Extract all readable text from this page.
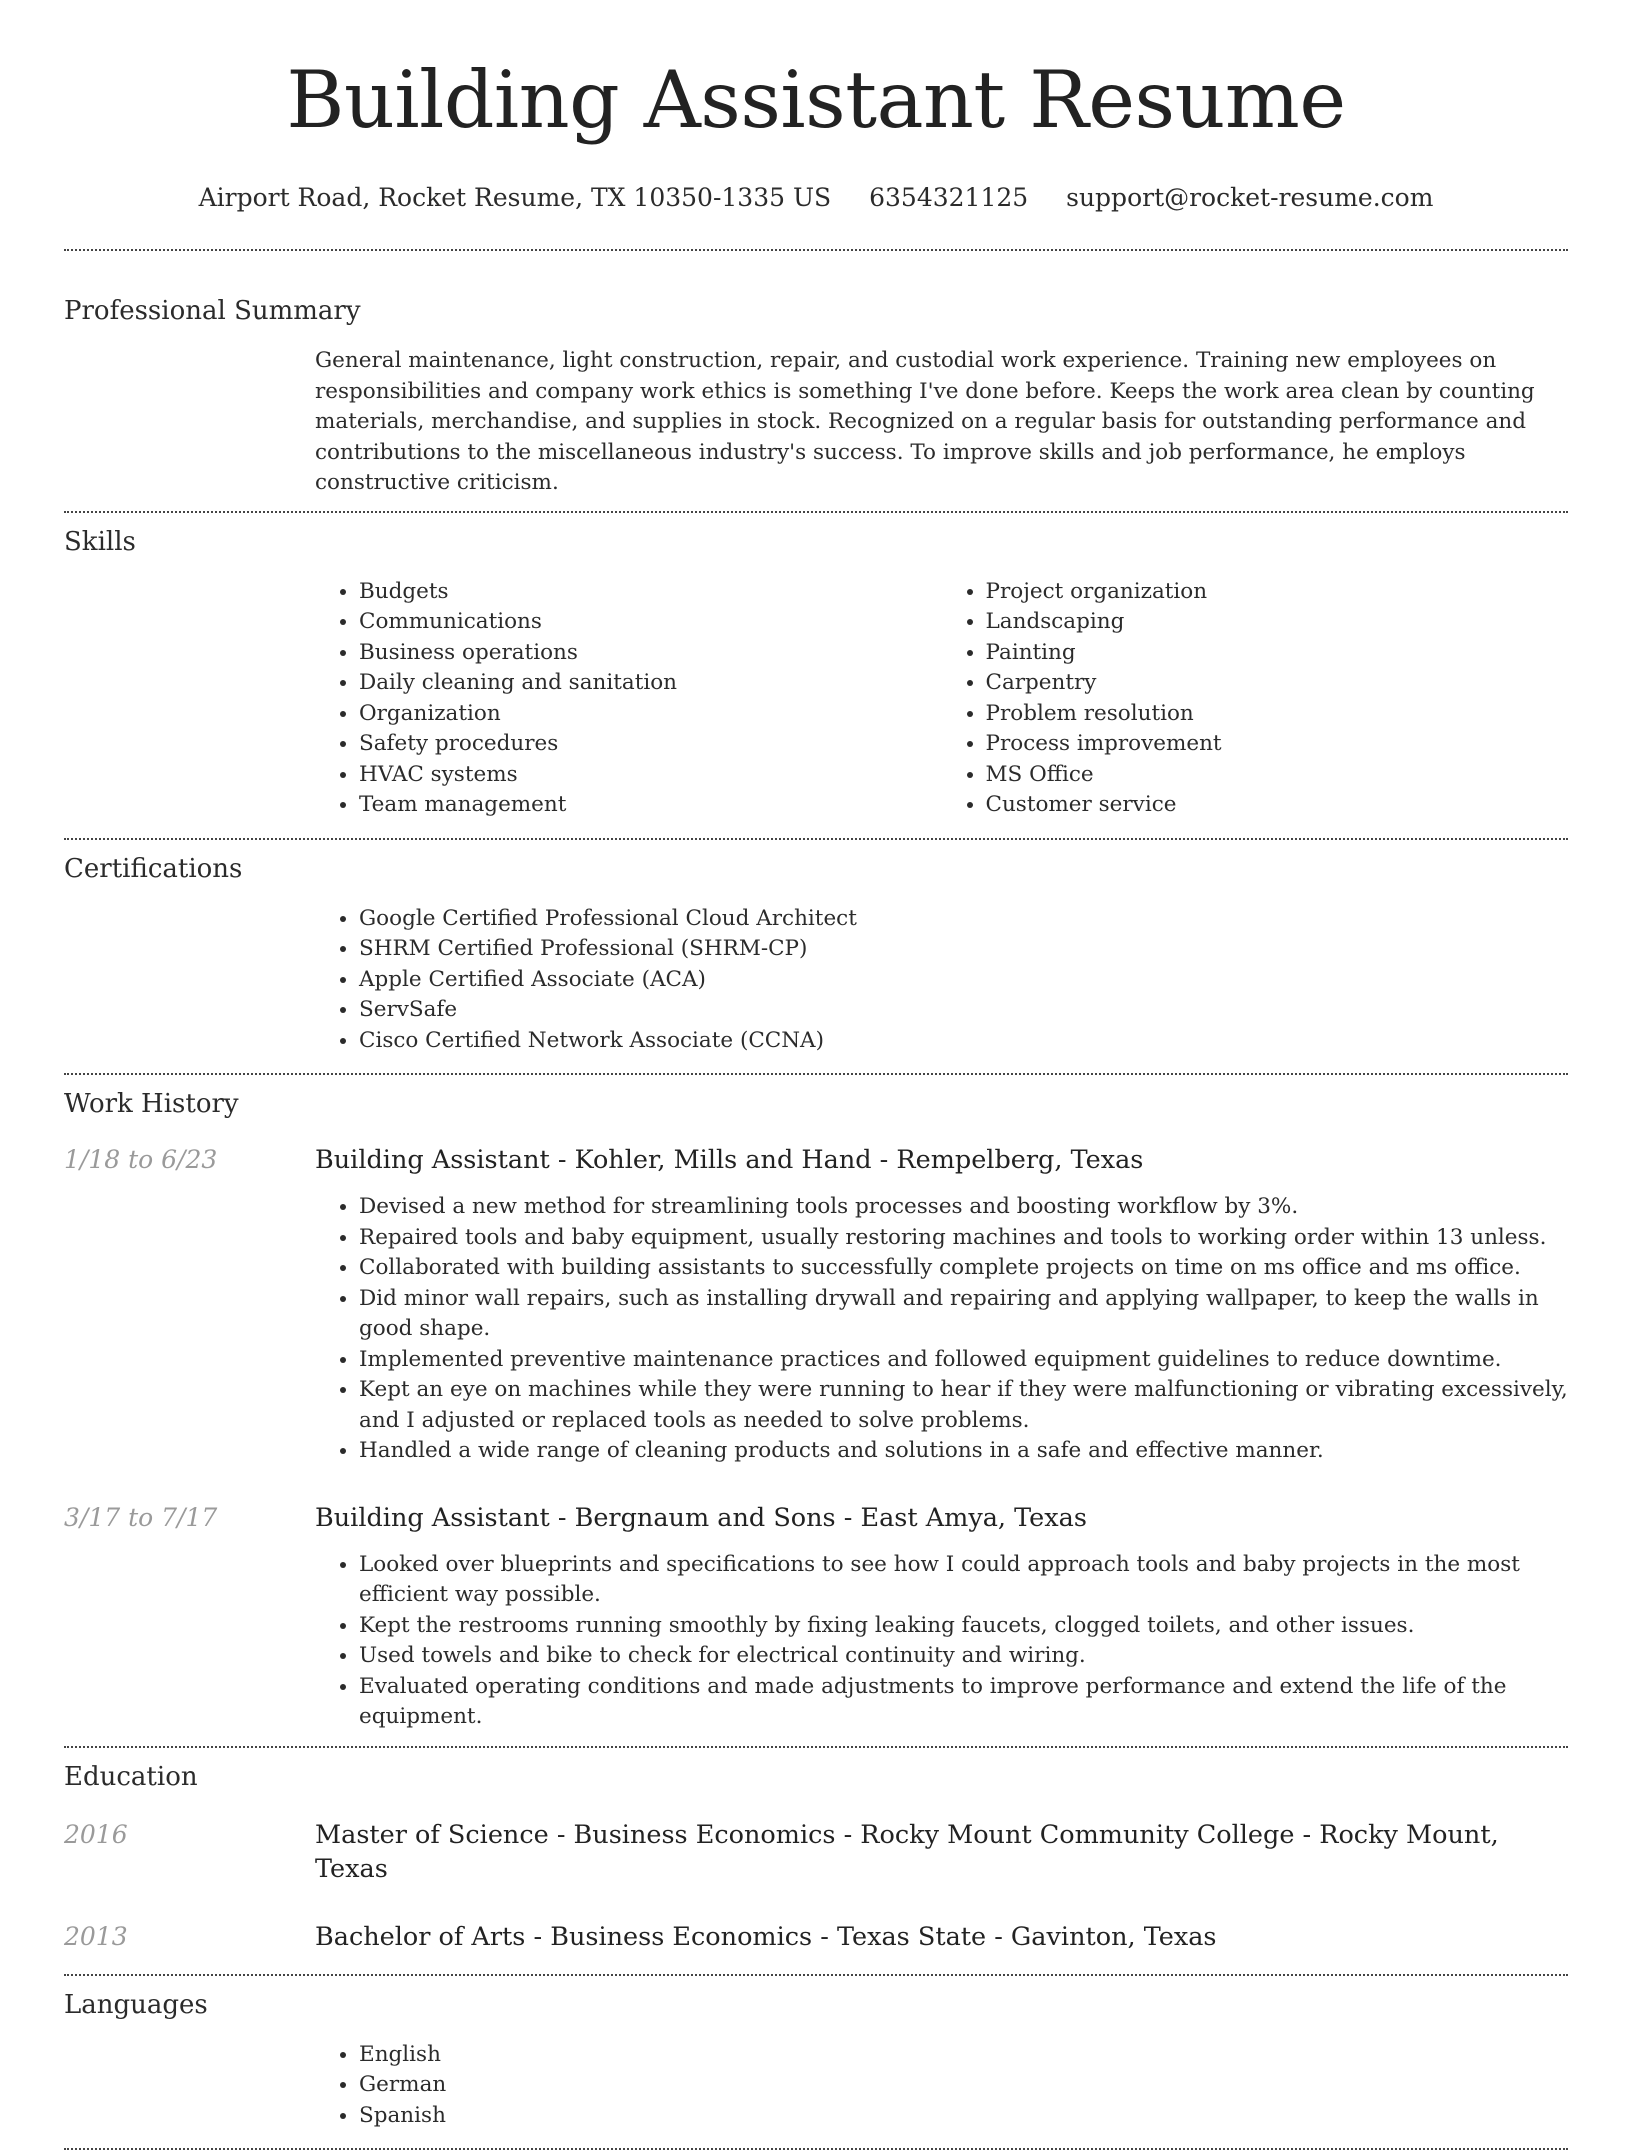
Building Assistant Resume
Airport Road, Rocket Resume, TX 10350-1335 US 6354321125 support@rocket-resume.com
Professional Summary
General maintenance, light construction, repair, and custodial work experience. Training new employees on responsibilities and company work ethics is something I've done before. Keeps the work area clean by counting materials, merchandise, and supplies in stock. Recognized on a regular basis for outstanding performance and contributions to the miscellaneous industry's success. To improve skills and job performance, he employs constructive criticism.
Skills
• Budgets
• Communications
• Business operations
• Daily cleaning and sanitation
• Organization
• Safety procedures
• HVAC systems
• Team management
• Project organization
• Landscaping
• Painting
• Carpentry
• Problem resolution
• Process improvement
• MS Office
• Customer service
Certifications
• Google Certified Professional Cloud Architect
• SHRM Certified Professional (SHRM-CP)
• Apple Certified Associate (ACA)
• ServSafe
• Cisco Certified Network Associate (CCNA)
Work History
1/18 to 6/23	Building Assistant - Kohler, Mills and Hand - Rempelberg, Texas
• Devised a new method for streamlining tools processes and boosting workflow by 3%.
• Repaired tools and baby equipment, usually restoring machines and tools to working order within 13 unless.
• Collaborated with building assistants to successfully complete projects on time on ms office and ms office.
• Did minor wall repairs, such as installing drywall and repairing and applying wallpaper, to keep the walls in good shape.
• Implemented preventive maintenance practices and followed equipment guidelines to reduce downtime.
• Kept an eye on machines while they were running to hear if they were malfunctioning or vibrating excessively, and I adjusted or replaced tools as needed to solve problems.
• Handled a wide range of cleaning products and solutions in a safe and effective manner.
3/17 to 7/17	Building Assistant - Bergnaum and Sons - East Amya, Texas
• Looked over blueprints and specifications to see how I could approach tools and baby projects in the most efficient way possible.
• Kept the restrooms running smoothly by fixing leaking faucets, clogged toilets, and other issues.
• Used towels and bike to check for electrical continuity and wiring.
• Evaluated operating conditions and made adjustments to improve performance and extend the life of the equipment.
Education
2016	Master of Science - Business Economics - Rocky Mount Community College - Rocky Mount, Texas
2013	Bachelor of Arts - Business Economics - Texas State - Gavinton, Texas
Languages
• English
• German
• Spanish
